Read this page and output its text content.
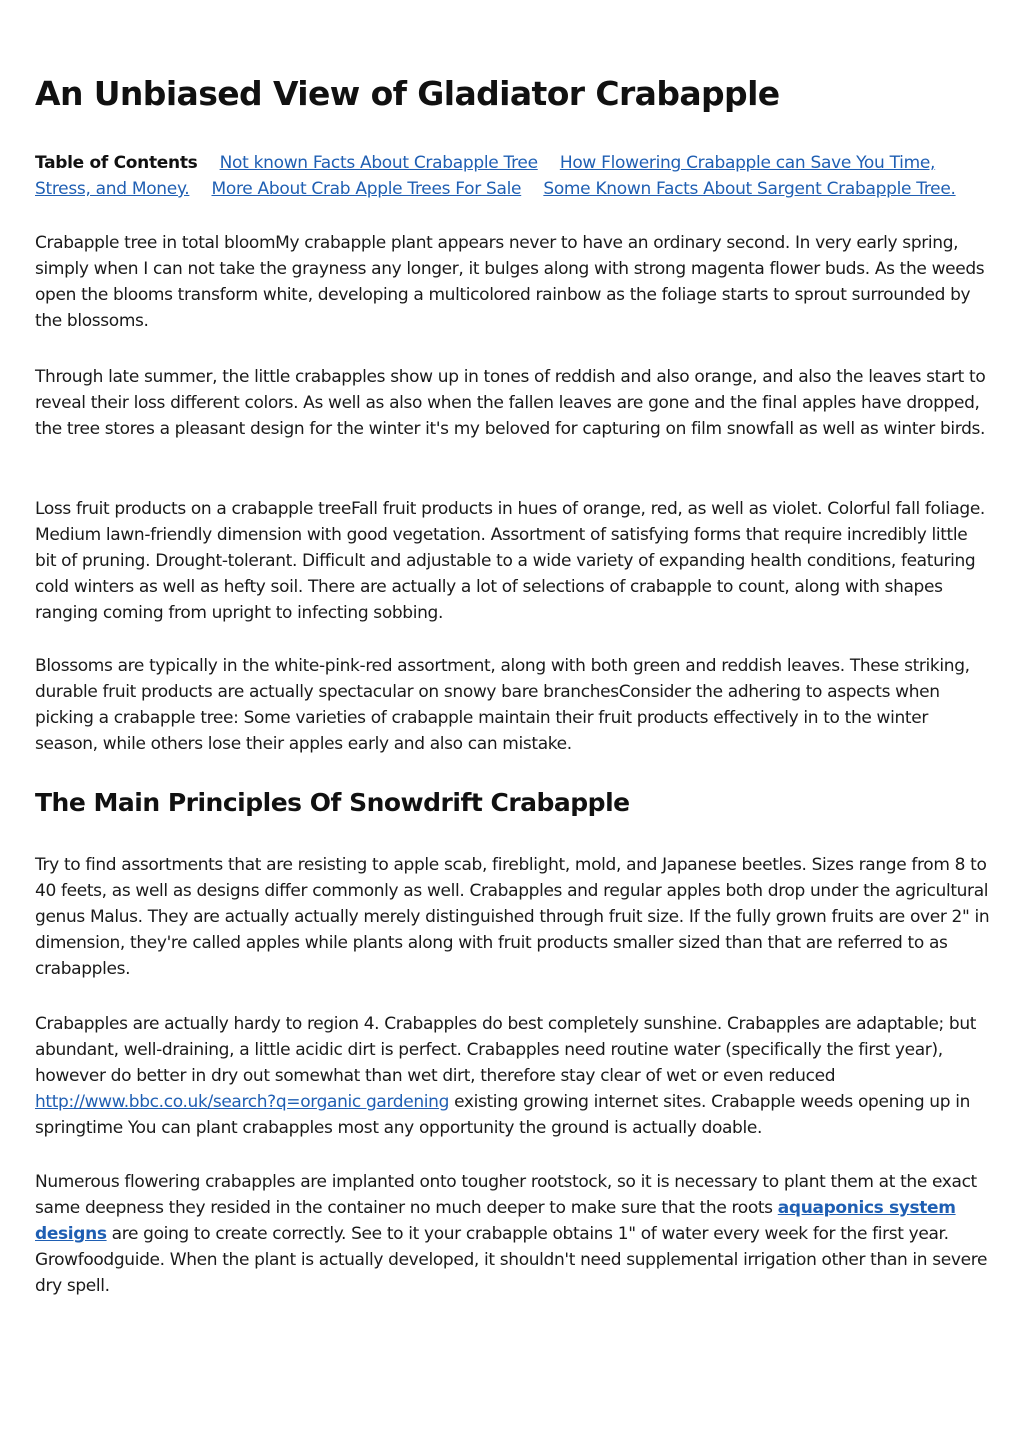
An Unbiased View of Gladiator Crabapple
Table of Contents Not known Facts About Crabapple Tree How Flowering Crabapple can Save You Time, Stress, and Money. More About Crab Apple Trees For Sale Some Known Facts About Sargent Crabapple Tree.

Crabapple tree in total bloomMy crabapple plant appears never to have an ordinary second. In very early spring, simply when I can not take the grayness any longer, it bulges along with strong magenta flower buds. As the weeds open the blooms transform white, developing a multicolored rainbow as the foliage starts to sprout surrounded by the blossoms.

Through late summer, the little crabapples show up in tones of reddish and also orange, and also the leaves start to reveal their loss different colors. As well as also when the fallen leaves are gone and the final apples have dropped, the tree stores a pleasant design for the winter it's my beloved for capturing on film snowfall as well as winter birds.

Loss fruit products on a crabapple treeFall fruit products in hues of orange, red, as well as violet. Colorful fall foliage. Medium lawn-friendly dimension with good vegetation. Assortment of satisfying forms that require incredibly little bit of pruning. Drought-tolerant. Difficult and adjustable to a wide variety of expanding health conditions, featuring cold winters as well as hefty soil. There are actually a lot of selections of crabapple to count, along with shapes ranging coming from upright to infecting sobbing.

Blossoms are typically in the white-pink-red assortment, along with both green and reddish leaves. These striking, durable fruit products are actually spectacular on snowy bare branchesConsider the adhering to aspects when picking a crabapple tree: Some varieties of crabapple maintain their fruit products effectively in to the winter season, while others lose their apples early and also can mistake.

The Main Principles Of Snowdrift Crabapple

Try to find assortments that are resisting to apple scab, fireblight, mold, and Japanese beetles. Sizes range from 8 to 40 feets, as well as designs differ commonly as well. Crabapples and regular apples both drop under the agricultural genus Malus. They are actually actually merely distinguished through fruit size. If the fully grown fruits are over 2" in dimension, they're called apples while plants along with fruit products smaller sized than that are referred to as crabapples.

Crabapples are actually hardy to region 4. Crabapples do best completely sunshine. Crabapples are adaptable; but abundant, well-draining, a little acidic dirt is perfect. Crabapples need routine water (specifically the first year), however do better in dry out somewhat than wet dirt, therefore stay clear of wet or even reduced http://www.bbc.co.uk/search?q=organic gardening existing growing internet sites. Crabapple weeds opening up in springtime You can plant crabapples most any opportunity the ground is actually doable.

Numerous flowering crabapples are implanted onto tougher rootstock, so it is necessary to plant them at the exact same deepness they resided in the container no much deeper to make sure that the roots aquaponics system designs are going to create correctly. See to it your crabapple obtains 1" of water every week for the first year. Growfoodguide. When the plant is actually developed, it shouldn't need supplemental irrigation other than in severe dry spell.
